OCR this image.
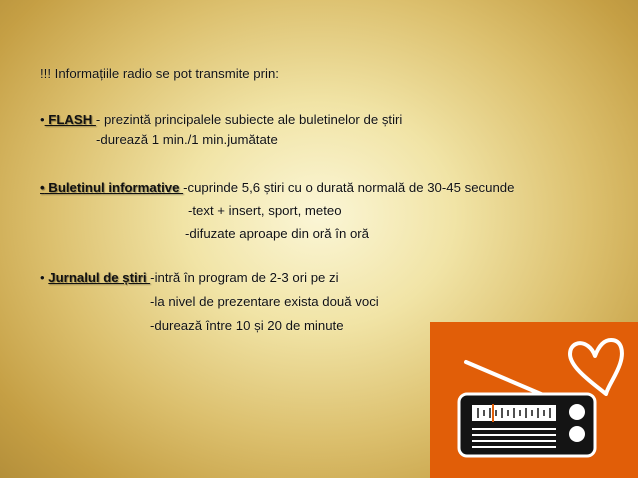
!!! Informațiile radio se pot transmite prin:
• FLASH - prezintă principalele subiecte ale buletinelor de știri
-durează 1 min./1 min.jumătate
• Buletinul informative -cuprinde 5,6 știri cu o durată normală de 30-45 secunde
-text + insert, sport, meteo
-difuzate aproape din oră în oră
• Jurnalul de știri -intră în program de 2-3 ori pe zi
-la nivel de prezentare exista două voci
-durează între 10 și 20 de minute
